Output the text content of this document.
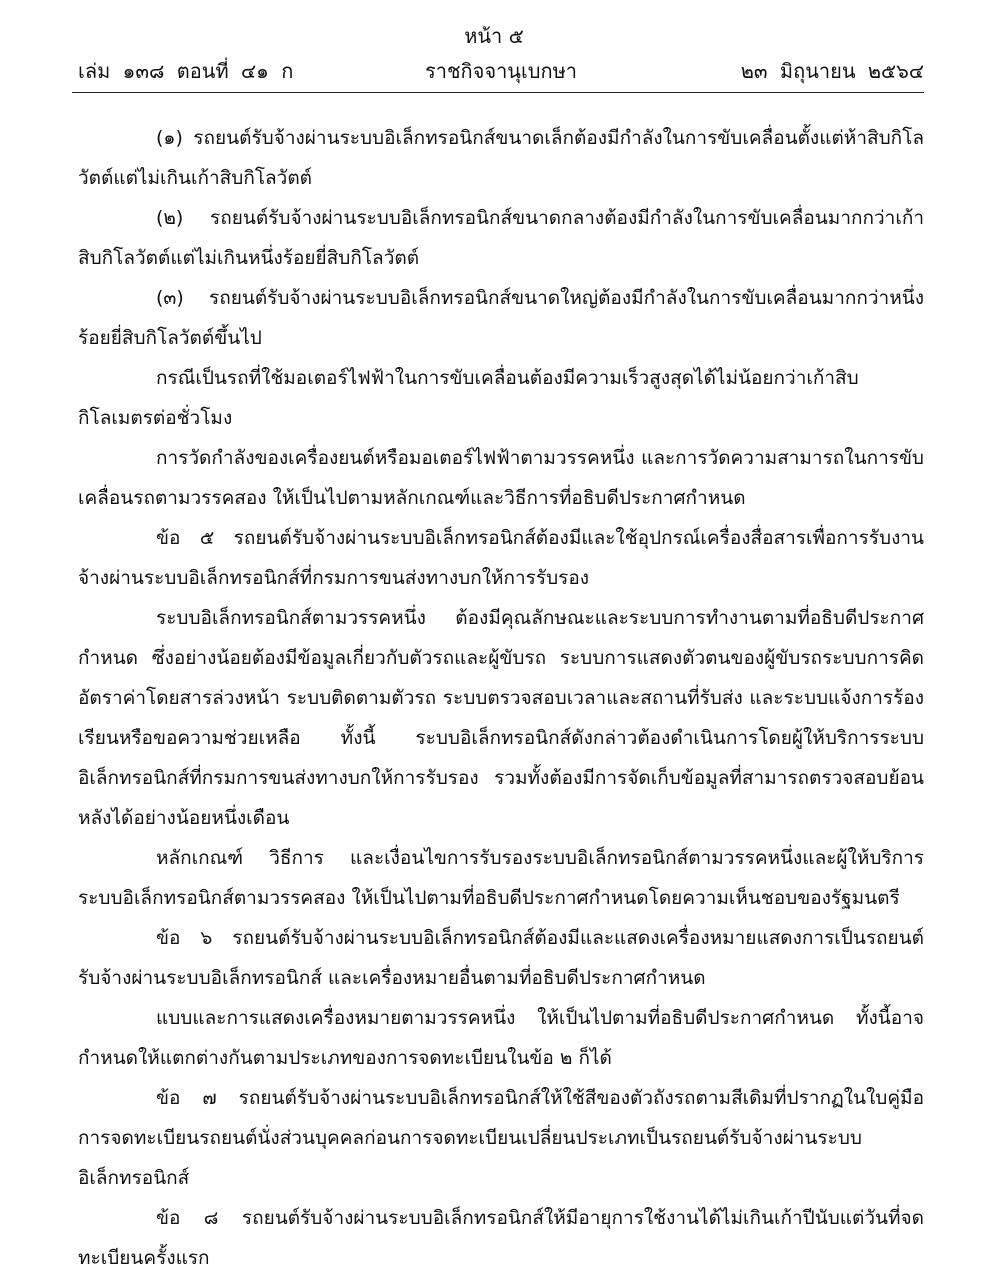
หน้า ๕
เล่ม ๑๓๘ ตอนที่ ๔๑ ก	ราชกิจจานุเบกษา	๒๓ มิถุนายน ๒๕๖๔

(๑) รถยนต์รับจ้างผ่านระบบอิเล็กทรอนิกส์ขนาดเล็กต้องมีกำลังในการขับเคลื่อนตั้งแต่ห้าสิบกิโลวัตต์แต่ไม่เกินเก้าสิบกิโลวัตต์

(๒) รถยนต์รับจ้างผ่านระบบอิเล็กทรอนิกส์ขนาดกลางต้องมีกำลังในการขับเคลื่อนมากกว่าเก้าสิบกิโลวัตต์แต่ไม่เกินหนึ่งร้อยยี่สิบกิโลวัตต์

(๓) รถยนต์รับจ้างผ่านระบบอิเล็กทรอนิกส์ขนาดใหญ่ต้องมีกำลังในการขับเคลื่อนมากกว่าหนึ่งร้อยยี่สิบกิโลวัตต์ขึ้นไป

กรณีเป็นรถที่ใช้มอเตอร์ไฟฟ้าในการขับเคลื่อนต้องมีความเร็วสูงสุดได้ไม่น้อยกว่าเก้าสิบกิโลเมตรต่อชั่วโมง

การวัดกำลังของเครื่องยนต์หรือมอเตอร์ไฟฟ้าตามวรรคหนึ่ง และการวัดความสามารถในการขับเคลื่อนรถตามวรรคสอง ให้เป็นไปตามหลักเกณฑ์และวิธีการที่อธิบดีประกาศกำหนด

ข้อ ๕ รถยนต์รับจ้างผ่านระบบอิเล็กทรอนิกส์ต้องมีและใช้อุปกรณ์เครื่องสื่อสารเพื่อการรับงานจ้างผ่านระบบอิเล็กทรอนิกส์ที่กรมการขนส่งทางบกให้การรับรอง

ระบบอิเล็กทรอนิกส์ตามวรรคหนึ่ง ต้องมีคุณลักษณะและระบบการทำงานตามที่อธิบดีประกาศกำหนด ซึ่งอย่างน้อยต้องมีข้อมูลเกี่ยวกับตัวรถและผู้ขับรถ ระบบการแสดงตัวตนของผู้ขับรถระบบการคิดอัตราค่าโดยสารล่วงหน้า ระบบติดตามตัวรถ ระบบตรวจสอบเวลาและสถานที่รับส่ง และระบบแจ้งการร้องเรียนหรือขอความช่วยเหลือ ทั้งนี้ ระบบอิเล็กทรอนิกส์ดังกล่าวต้องดำเนินการโดยผู้ให้บริการระบบอิเล็กทรอนิกส์ที่กรมการขนส่งทางบกให้การรับรอง รวมทั้งต้องมีการจัดเก็บข้อมูลที่สามารถตรวจสอบย้อนหลังได้อย่างน้อยหนึ่งเดือน

หลักเกณฑ์ วิธีการ และเงื่อนไขการรับรองระบบอิเล็กทรอนิกส์ตามวรรคหนึ่งและผู้ให้บริการระบบอิเล็กทรอนิกส์ตามวรรคสอง ให้เป็นไปตามที่อธิบดีประกาศกำหนดโดยความเห็นชอบของรัฐมนตรี

ข้อ ๖ รถยนต์รับจ้างผ่านระบบอิเล็กทรอนิกส์ต้องมีและแสดงเครื่องหมายแสดงการเป็นรถยนต์รับจ้างผ่านระบบอิเล็กทรอนิกส์ และเครื่องหมายอื่นตามที่อธิบดีประกาศกำหนด

แบบและการแสดงเครื่องหมายตามวรรคหนึ่ง ให้เป็นไปตามที่อธิบดีประกาศกำหนด ทั้งนี้อาจกำหนดให้แตกต่างกันตามประเภทของการจดทะเบียนในข้อ ๒ ก็ได้

ข้อ ๗ รถยนต์รับจ้างผ่านระบบอิเล็กทรอนิกส์ให้ใช้สีของตัวถังรถตามสีเดิมที่ปรากฏในใบคู่มือการจดทะเบียนรถยนต์นั่งส่วนบุคคลก่อนการจดทะเบียนเปลี่ยนประเภทเป็นรถยนต์รับจ้างผ่านระบบอิเล็กทรอนิกส์

ข้อ ๘ รถยนต์รับจ้างผ่านระบบอิเล็กทรอนิกส์ให้มีอายุการใช้งานได้ไม่เกินเก้าปีนับแต่วันที่จดทะเบียนครั้งแรก
